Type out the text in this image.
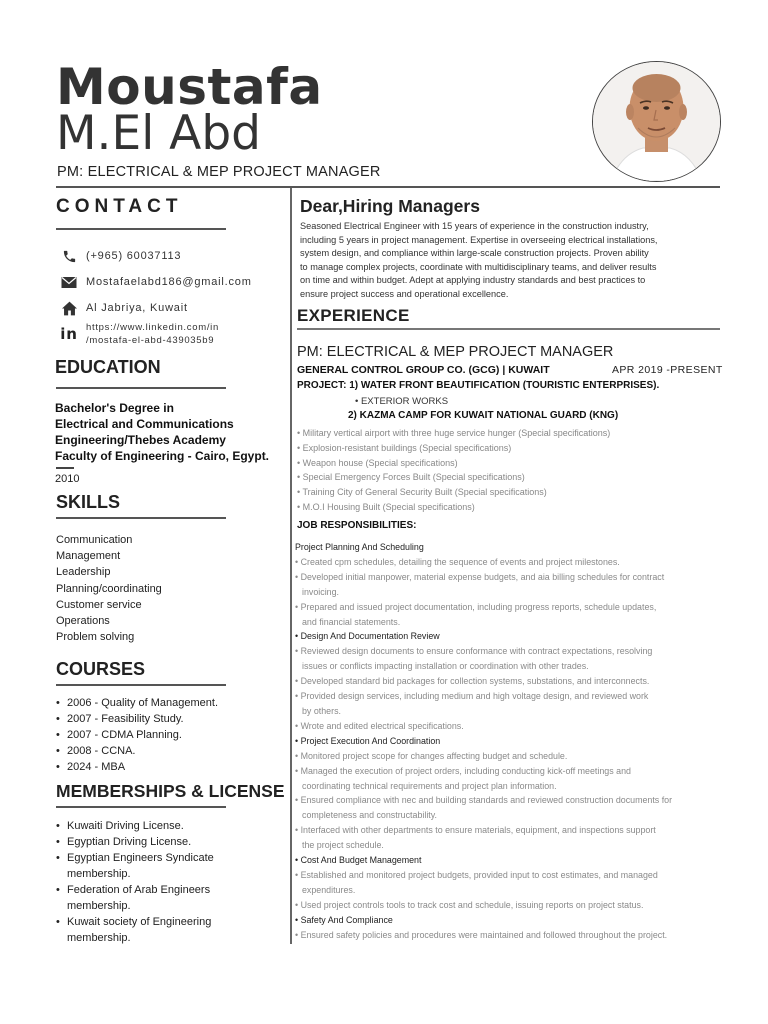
Moustafa
M.El Abd
PM: ELECTRICAL & MEP PROJECT MANAGER
CONTACT
(+965) 60037113
Mostafaelabd186@gmail.com
Al Jabriya, Kuwait
in https://www.linkedin.com/in
/mostafa-el-abd-439035b9
EDUCATION
Bachelor's Degree in
Electrical and Communications
Engineering/Thebes Academy
Faculty of Engineering - Cairo, Egypt.
2010
SKILLS
Communication
Management
Leadership
Planning/coordinating
Customer service
Operations
Problem solving
COURSES
• 2006 - Quality of Management.
• 2007 - Feasibility Study.
• 2007 - CDMA Planning.
• 2008 - CCNA.
• 2024 - MBA
MEMBERSHIPS & LICENSE
• Kuwaiti Driving License.
• Egyptian Driving License.
• Egyptian Engineers Syndicate
membership.
• Federation of Arab Engineers
membership.
• Kuwait society of Engineering
membership.
Dear,Hiring Managers
Seasoned Electrical Engineer with 15 years of experience in the construction industry,
including 5 years in project management. Expertise in overseeing electrical installations,
system design, and compliance within large-scale construction projects. Proven ability
to manage complex projects, coordinate with multidisciplinary teams, and deliver results
on time and within budget. Adept at applying industry standards and best practices to
ensure project success and operational excellence.
EXPERIENCE
PM: ELECTRICAL & MEP PROJECT MANAGER
GENERAL CONTROL GROUP CO. (GCG) | KUWAIT	APR 2019 -PRESENT
PROJECT: 1) WATER FRONT BEAUTIFICATION (TOURISTIC ENTERPRISES).
• EXTERIOR WORKS
2) KAZMA CAMP FOR KUWAIT NATIONAL GUARD (KNG)
• Military vertical airport with three huge service hunger (Special specifications)
• Explosion-resistant buildings (Special specifications)
• Weapon house (Special specifications)
• Special Emergency Forces Built (Special specifications)
• Training City of General Security Built (Special specifications)
• M.O.I Housing Built (Special specifications)
JOB RESPONSIBILITIES:
Project Planning And Scheduling
• Created cpm schedules, detailing the sequence of events and project milestones.
• Developed initial manpower, material expense budgets, and aia billing schedules for contract
invoicing.
• Prepared and issued project documentation, including progress reports, schedule updates,
and financial statements.
• Design And Documentation Review
• Reviewed design documents to ensure conformance with contract expectations, resolving
issues or conflicts impacting installation or coordination with other trades.
• Developed standard bid packages for collection systems, substations, and interconnects.
• Provided design services, including medium and high voltage design, and reviewed work
by others.
• Wrote and edited electrical specifications.
• Project Execution And Coordination
• Monitored project scope for changes affecting budget and schedule.
• Managed the execution of project orders, including conducting kick-off meetings and
coordinating technical requirements and project plan information.
• Ensured compliance with nec and building standards and reviewed construction documents for
completeness and constructability.
• Interfaced with other departments to ensure materials, equipment, and inspections support
the project schedule.
• Cost And Budget Management
• Established and monitored project budgets, provided input to cost estimates, and managed
expenditures.
• Used project controls tools to track cost and schedule, issuing reports on project status.
• Safety And Compliance
• Ensured safety policies and procedures were maintained and followed throughout the project.
